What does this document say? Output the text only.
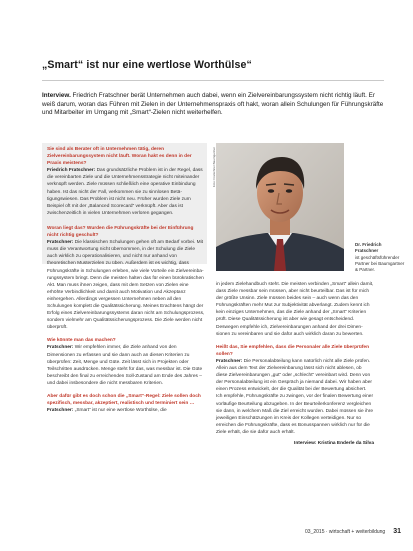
„Smart“ ist nur eine wertlose Worthülse“
Interview. Friedrich Fratschner berät Unternehmen auch dabei, wenn ein Zielvereinbarungssystem nicht richtig läuft. Er weiß darum, woran das Führen mit Zielen in der Unternehmenspraxis oft hakt, woran allein Schulungen für Führungskräfte und Mitarbeiter im Umgang mit „Smart“-Zielen nicht weiterhelfen.

Sie sind als Berater oft in Unternehmen tätig, deren Zielvereinbarungssystem nicht läuft. Woran hakt es denn in der Praxis meistens?
Friedrich Fratschner: Das grundsätzliche Problem ist in der Regel, dass die vereinbarten Ziele und die Unternehmensstrategie nicht miteinander verknüpft werden. Ziele müssen schließlich eine operative Einbindung haben. Ist das nicht der Fall, verkommen sie zu sinnlosen Betätigungswiesen. Das Problem ist nicht neu. Früher wurden Ziele zum Beispiel oft mit der „Balanced Scorecard“ verknüpft. Aber das ist zwischenzeitlich in vielen Unternehmen verloren gegangen.

Woran liegt das? Wurden die Führungskräfte bei der Einführung nicht richtig geschult?
Fratschner: Die klassischen Schulungen gehen oft am Bedarf vorbei. Mit muss die Verantwortung nicht übernommen, in der Schulung die Ziele auch wirklich zu operationalisieren, und nicht nur anhand von theoretischen Musterzielen zu üben. Außerdem ist es wichtig, dass Führungskräfte in Schulungen erleben, wie viele Vorteile ein Zielvereinbarungssystem bringt. Denn die meisten halten das für einen bürokratischen Akt. Man muss ihnen zeigen, dass mit dem Setzen von Zielen eine erhöhte Verbindlichkeit und damit auch Motivation und Akzeptanz einhergehen. Allerdings vergessen Unternehmen neben all den Schulungen komplett die Qualitätssicherung. Meines Erachtens hängt der Erfolg eines Zielvereinbarungssystems daran nicht am Schulungsprozess, sondern vielmehr am Qualitätssicherungsprozess. Die Ziele werden nicht überprüft.

Wie könnte man das machen?
Fratschner: Wir empfehlen immer, die Ziele anhand von den Dimensionen zu erfassen und sie dann auch an diesen Kriterien zu überprüfen: Zeit, Menge und Güte. Zeit lässt sich in Projekten oder Teilschritten ausdrücken. Menge steht für das, was messbar ist. Die Güte beschreibt den final zu erreichenden Soll-Zustand am Ende des Jahres – und dabei insbesondere die nicht messbaren Kriterien.

Aber dafür gibt es doch schon die „Smart“-Regel: Ziele sollen doch spezifisch, messbar, akzeptiert, realistisch und terminiert sein …
Fratschner: „Smart“ ist nur eine wertlose Worthülse, die

Foto: Fratschner Baumgartner
Dr. Friedrich Fratschner
ist geschäftsführender Partner bei Baumgartner & Partner.

in jedem Zielehandbuch steht. Die meisten verbinden „Smart“ allein damit, dass Ziele messbar sein müssen, aber nicht beurteilbar. Das ist für mich der größte Unsinn. Ziele müssen beides sein – auch wenn das den Führungskräften mehr Mut zur Subjektivität abverlangt. Zudem kennt ich kein einziges Unternehmen, das die Ziele anhand der „Smart“ Kriterien prüft. Diese Qualitätssicherung ist aber wie gesagt entscheidend. Deswegen empfehle ich, Zielvereinbarungen anhand der drei Dimensionen zu vereinbaren und sie dafür auch wirklich daran zu bewerten.

Heißt das, Sie empfehlen, dass die Personaler alle Ziele überprüfen sollen?
Fratschner: Die Personalabteilung kann natürlich nicht alle Ziele prüfen. Allein aus dem Text der Zielvereinbarung lässt sich nicht ablesen, ob diese Zielvereinbarungen „gut“ oder „schlecht“ vereinbart wird. Denn von der Personalabteilung ist ein Gespräch ja niemand dabei. Wir haben aber einen Prozess entwickelt, der die Qualität bei der Bewertung absichert. Ich empfehle, Führungskräfte zu zwingen, vor der finalen Bewertung einer vorläufige Beurteilung abzugeben. In der Beurteilerkonferenz vergleichen sie dann, in welchem Maß die Ziel erreicht wurden. Dabei müssen sie ihre jeweiligen Einschätzungen im Kreis der Kollegen verteidigen. Nur so erreichen die Führungskräfte, dass es Bonusspannen wirklich nur für die Ziele erhält, die sie dafür auch erhält.

Interview: Kristina Enderle da Silva
03_2015 · wirtschaft + weiterbildung 31
